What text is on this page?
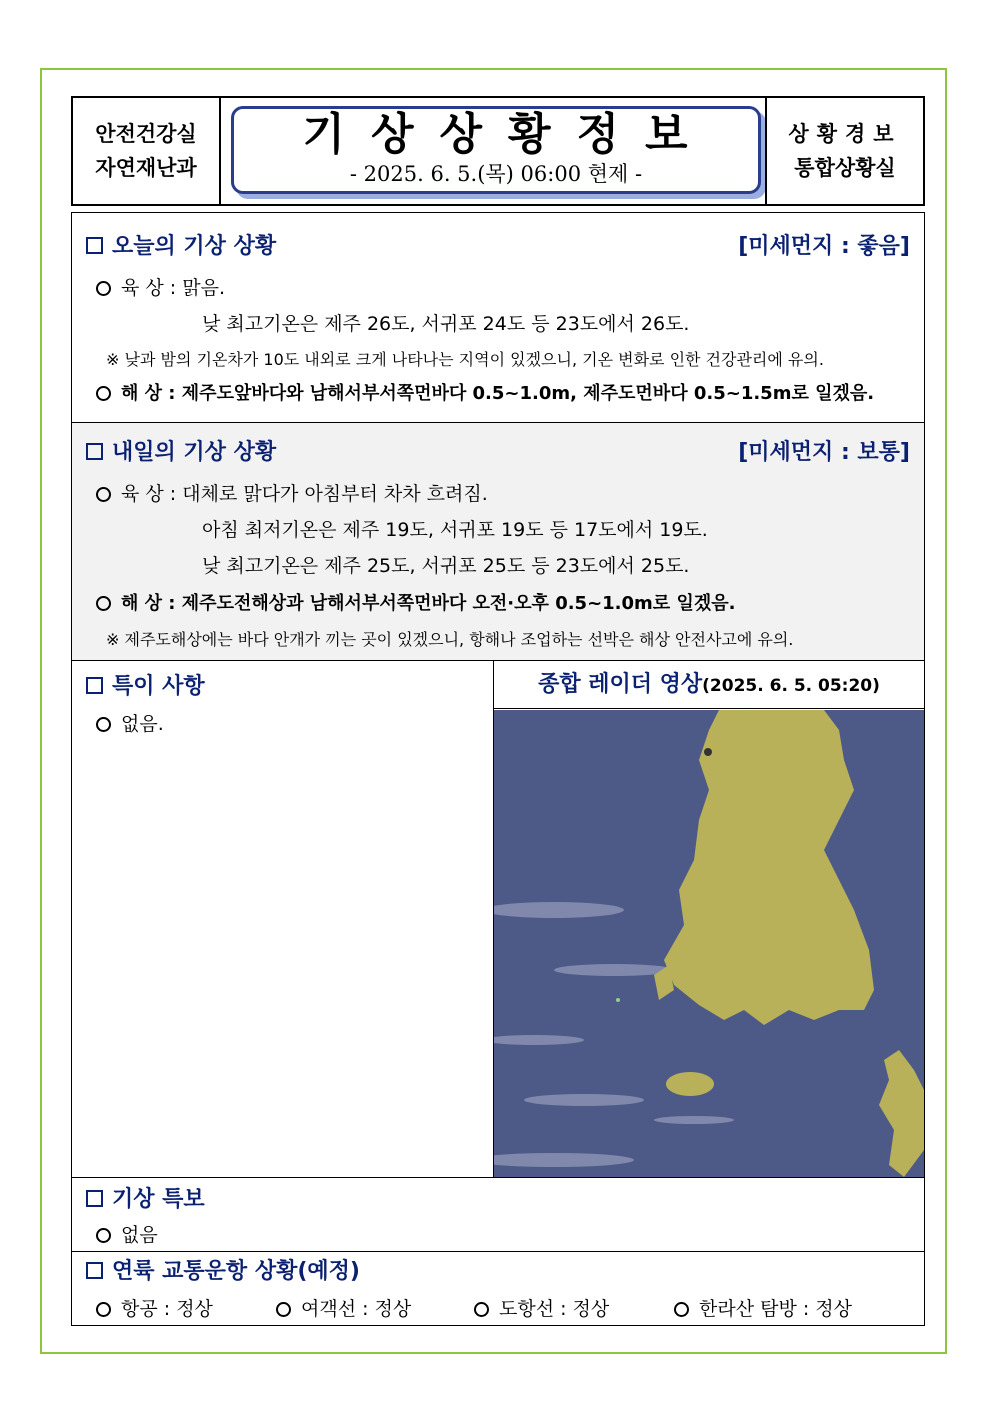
안전건강실
자연재난과
기상상황정보
- 2025. 6. 5.(목) 06:00 현제 -
상황경보
통합상황실
오늘의 기상 상황	[미세먼지 : 좋음]
육 상 : 맑음.
낮 최고기온은 제주 26도, 서귀포 24도 등 23도에서 26도.
※ 낮과 밤의 기온차가 10도 내외로 크게 나타나는 지역이 있겠으니, 기온 변화로 인한 건강관리에 유의.
해 상 : 제주도앞바다와 남해서부서쪽먼바다 0.5~1.0m, 제주도먼바다 0.5~1.5m로 일겠음.
내일의 기상 상황	[미세먼지 : 보통]
육 상 : 대체로 맑다가 아침부터 차차 흐려짐.
아침 최저기온은 제주 19도, 서귀포 19도 등 17도에서 19도.
낮 최고기온은 제주 25도, 서귀포 25도 등 23도에서 25도.
해 상 : 제주도전해상과 남해서부서쪽먼바다 오전·오후 0.5~1.0m로 일겠음.
※ 제주도해상에는 바다 안개가 끼는 곳이 있겠으니, 항해나 조업하는 선박은 해상 안전사고에 유의.
특이 사항
없음.
종합 레이더 영상(2025. 6. 5. 05:20)
기상 특보
없음
연륙 교통운항 상황(예정)
항공 : 정상	여객선 : 정상	도항선 : 정상	한라산 탐방 : 정상
